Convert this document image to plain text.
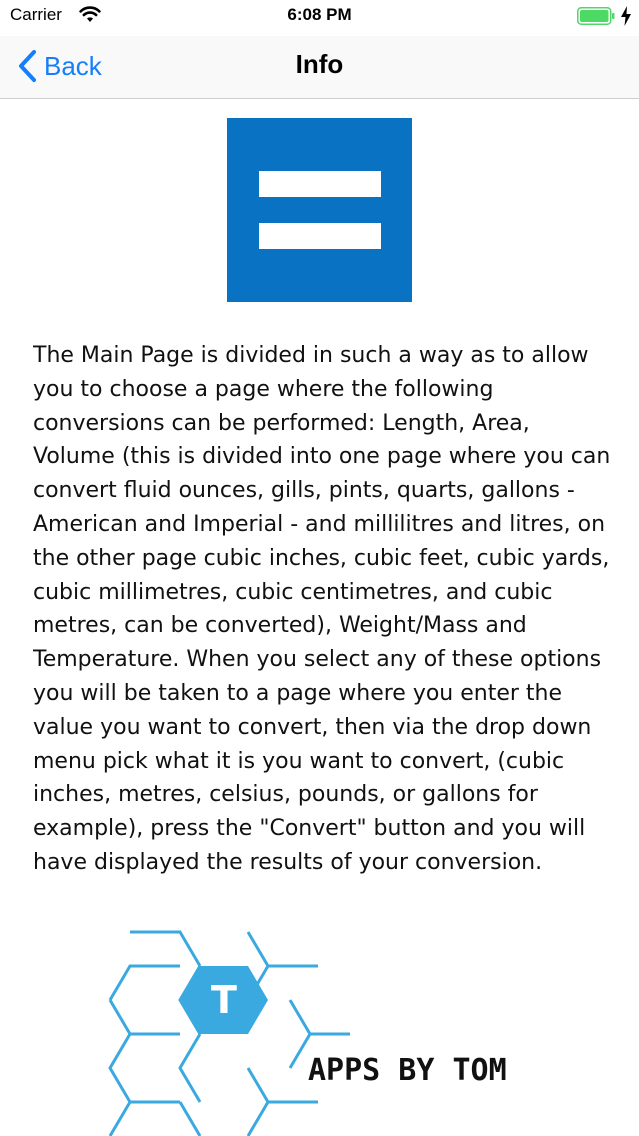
Carrier	6:08 PM
Back	Info
The Main Page is divided in such a way as to allow you to choose a page where the following conversions can be performed: Length, Area, Volume (this is divided into one page where you can convert fluid ounces, gills, pints, quarts, gallons - American and Imperial - and millilitres and litres, on the other page cubic inches, cubic feet, cubic yards, cubic millimetres, cubic centimetres, and cubic metres, can be converted), Weight/Mass and Temperature. When you select any of these options you will be taken to a page where you enter the value you want to convert, then via the drop down menu pick what it is you want to convert, (cubic inches, metres, celsius, pounds, or gallons for example), press the "Convert" button and you will have displayed the results of your conversion.
T
APPS BY TOM
